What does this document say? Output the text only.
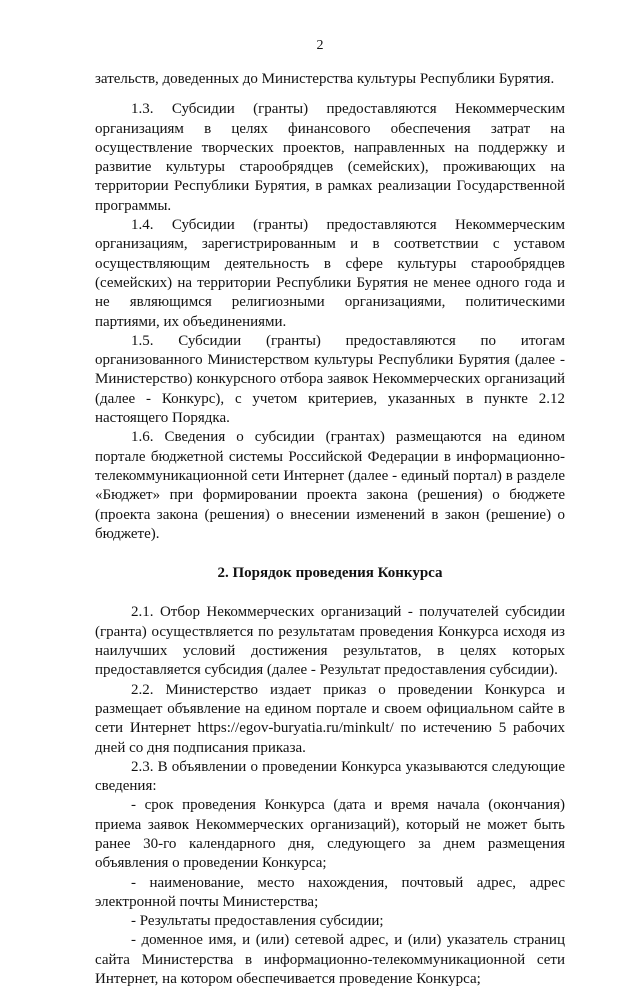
2

зательств, доведенных до Министерства культуры Республики Бурятия.

1.3. Субсидии (гранты) предоставляются Некоммерческим организациям в целях финансового обеспечения затрат на осуществление творческих проектов, направленных на поддержку и развитие культуры старообрядцев (семейских), проживающих на территории Республики Бурятия, в рамках реализации Государственной программы.

1.4. Субсидии (гранты) предоставляются Некоммерческим организациям, зарегистрированным и в соответствии с уставом осуществляющим деятельность в сфере культуры старообрядцев (семейских) на территории Республики Бурятия не менее одного года и не являющимся религиозными организациями, политическими партиями, их объединениями.

1.5. Субсидии (гранты) предоставляются по итогам организованного Министерством культуры Республики Бурятия (далее - Министерство) конкурсного отбора заявок Некоммерческих организаций (далее - Конкурс), с учетом критериев, указанных в пункте 2.12 настоящего Порядка.

1.6. Сведения о субсидии (грантах) размещаются на едином портале бюджетной системы Российской Федерации в информационно-телекоммуникационной сети Интернет (далее - единый портал) в разделе «Бюджет» при формировании проекта закона (решения) о бюджете (проекта закона (решения) о внесении изменений в закон (решение) о бюджете).

2. Порядок проведения Конкурса

2.1. Отбор Некоммерческих организаций - получателей субсидии (гранта) осуществляется по результатам проведения Конкурса исходя из наилучших условий достижения результатов, в целях которых предоставляется субсидия (далее - Результат предоставления субсидии).

2.2. Министерство издает приказ о проведении Конкурса и размещает объявление на едином портале и своем официальном сайте в сети Интернет https://egov-buryatia.ru/minkult/ по истечению 5 рабочих дней со дня подписания приказа.

2.3. В объявлении о проведении Конкурса указываются следующие сведения:

- срок проведения Конкурса (дата и время начала (окончания) приема заявок Некоммерческих организаций), который не может быть ранее 30-го календарного дня, следующего за днем размещения объявления о проведении Конкурса;

- наименование, место нахождения, почтовый адрес, адрес электронной почты Министерства;

- Результаты предоставления субсидии;

- доменное имя, и (или) сетевой адрес, и (или) указатель страниц сайта Министерства в информационно-телекоммуникационной сети Интернет, на котором обеспечивается проведение Конкурса;
